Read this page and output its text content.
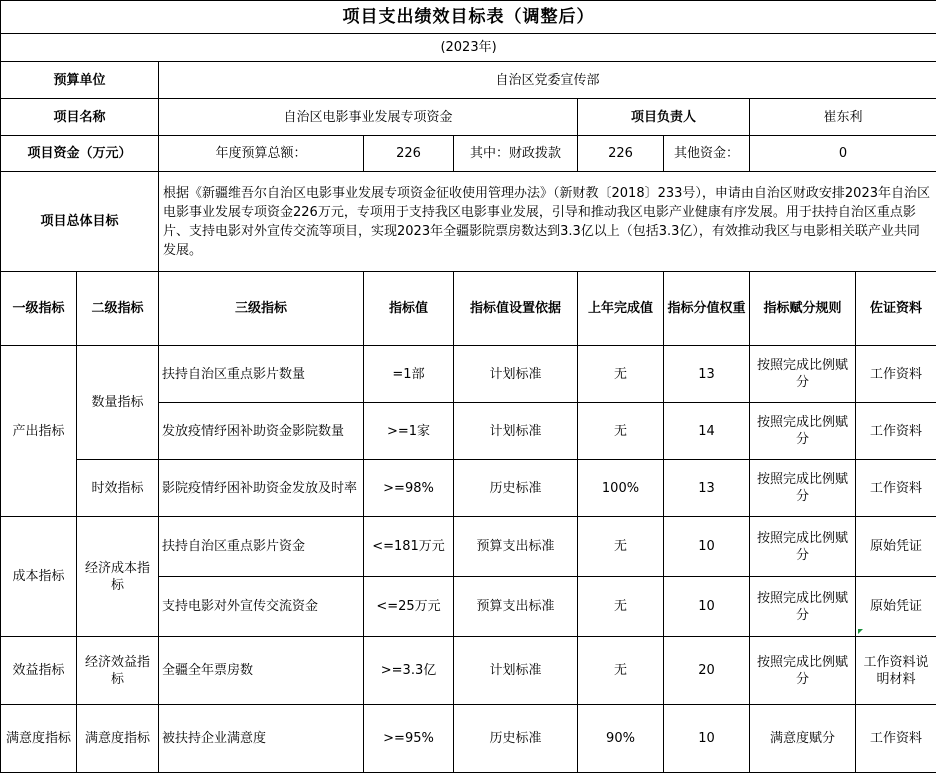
项目支出绩效目标表（调整后）								
(2023年)								
预算单位		自治区党委宣传部						
项目名称		自治区电影事业发展专项资金			项目负责人		崔东利	
项目资金（万元）		年度预算总额：	226	其中：财政拨款	226	其他资金：	0	
项目总体目标		根据《新疆维吾尔自治区电影事业发展专项资金征收使用管理办法》（新财教〔2018〕233号），申请由自治区财政安排2023年自治区电影事业发展专项资金226万元，专项用于支持我区电影事业发展，引导和推动我区电影产业健康有序发展。用于扶持自治区重点影片、支持电影对外宣传交流等项目，实现2023年全疆影院票房数达到3.3亿以上（包括3.3亿），有效推动我区与电影相关联产业共同发展。						
一级指标	二级指标	三级指标	指标值	指标值设置依据	上年完成值	指标分值权重	指标赋分规则	佐证资料
产出指标	数量指标	扶持自治区重点影片数量	=1部	计划标准	无	13	按照完成比例赋分	工作资料
		发放疫情纾困补助资金影院数量	>=1家	计划标准	无	14	按照完成比例赋分	工作资料
	时效指标	影院疫情纾困补助资金发放及时率	>=98%	历史标准	100%	13	按照完成比例赋分	工作资料
成本指标	经济成本指标	扶持自治区重点影片资金	<=181万元	预算支出标准	无	10	按照完成比例赋分	原始凭证
		支持电影对外宣传交流资金	<=25万元	预算支出标准	无	10	按照完成比例赋分	原始凭证
效益指标	经济效益指标	全疆全年票房数	>=3.3亿	计划标准	无	20	按照完成比例赋分	工作资料说明材料
满意度指标	满意度指标	被扶持企业满意度	>=95%	历史标准	90%	10	满意度赋分	工作资料
